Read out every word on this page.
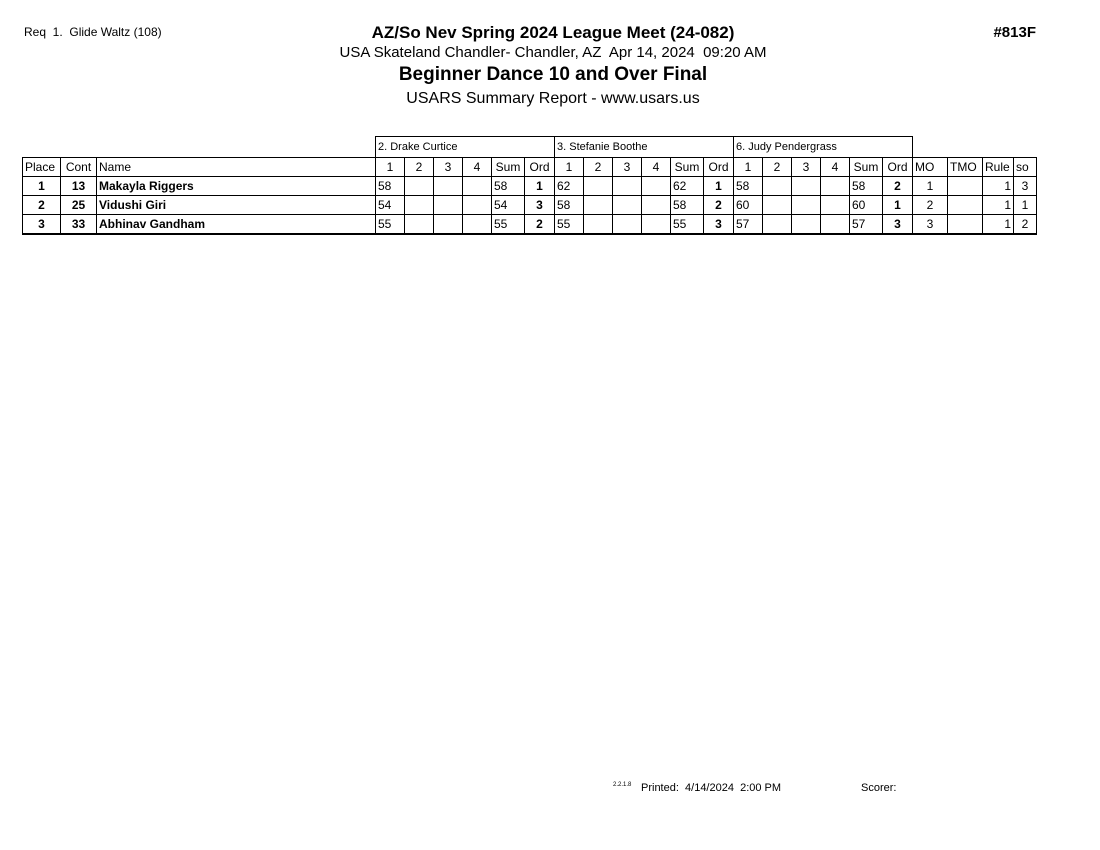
Req  1.  Glide Waltz (108)	#813F
AZ/So Nev Spring 2024 League Meet (24-082)
USA Skateland Chandler- Chandler, AZ  Apr 14, 2024  09:20 AM
Beginner Dance 10 and Over Final
USARS Summary Report - www.usars.us
			2. Drake Curtice						3. Stefanie Boothe						6. Judy Pendergrass									
Place	Cont	Name	1	2	3	4	Sum	Ord	1	2	3	4	Sum	Ord	1	2	3	4	Sum	Ord	MO	TMO	Rule	so
1	13	Makayla Riggers	58				58	1	62				62	1	58				58	2	1		1	3
2	25	Vidushi Giri	54				54	3	58				58	2	60				60	1	2		1	1
3	33	Abhinav Gandham	55				55	2	55				55	3	57				57	3	3		1	2
2.2.1.8 Printed:  4/14/2024  2:00 PM	Scorer:
